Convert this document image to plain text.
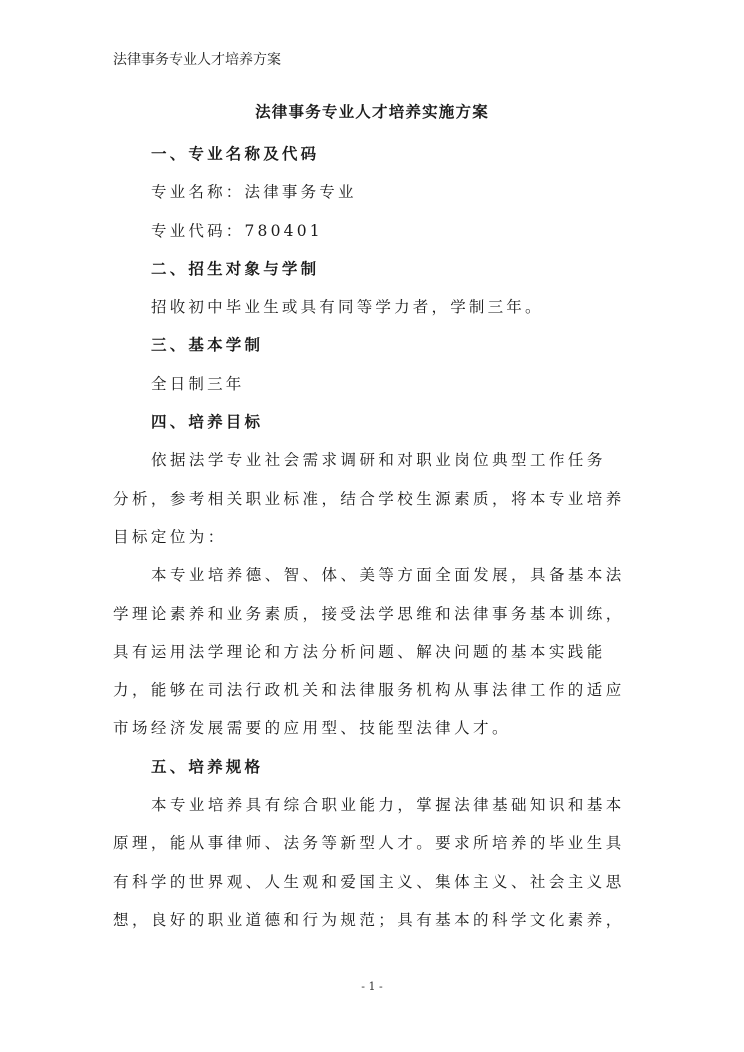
法律事务专业人才培养方案
法律事务专业人才培养实施方案
一、专业名称及代码
专业名称：法律事务专业
专业代码：780401
二、招生对象与学制
招收初中毕业生或具有同等学力者，学制三年。
三、基本学制
全日制三年
四、培养目标
依据法学专业社会需求调研和对职业岗位典型工作任务
分析，参考相关职业标准，结合学校生源素质，将本专业培养
目标定位为：
本专业培养德、智、体、美等方面全面发展，具备基本法
学理论素养和业务素质，接受法学思维和法律事务基本训练，
具有运用法学理论和方法分析问题、解决问题的基本实践能
力，能够在司法行政机关和法律服务机构从事法律工作的适应
市场经济发展需要的应用型、技能型法律人才。
五、培养规格
本专业培养具有综合职业能力，掌握法律基础知识和基本
原理，能从事律师、法务等新型人才。要求所培养的毕业生具
有科学的世界观、人生观和爱国主义、集体主义、社会主义思
想，良好的职业道德和行为规范；具有基本的科学文化素养，
- 1 -
